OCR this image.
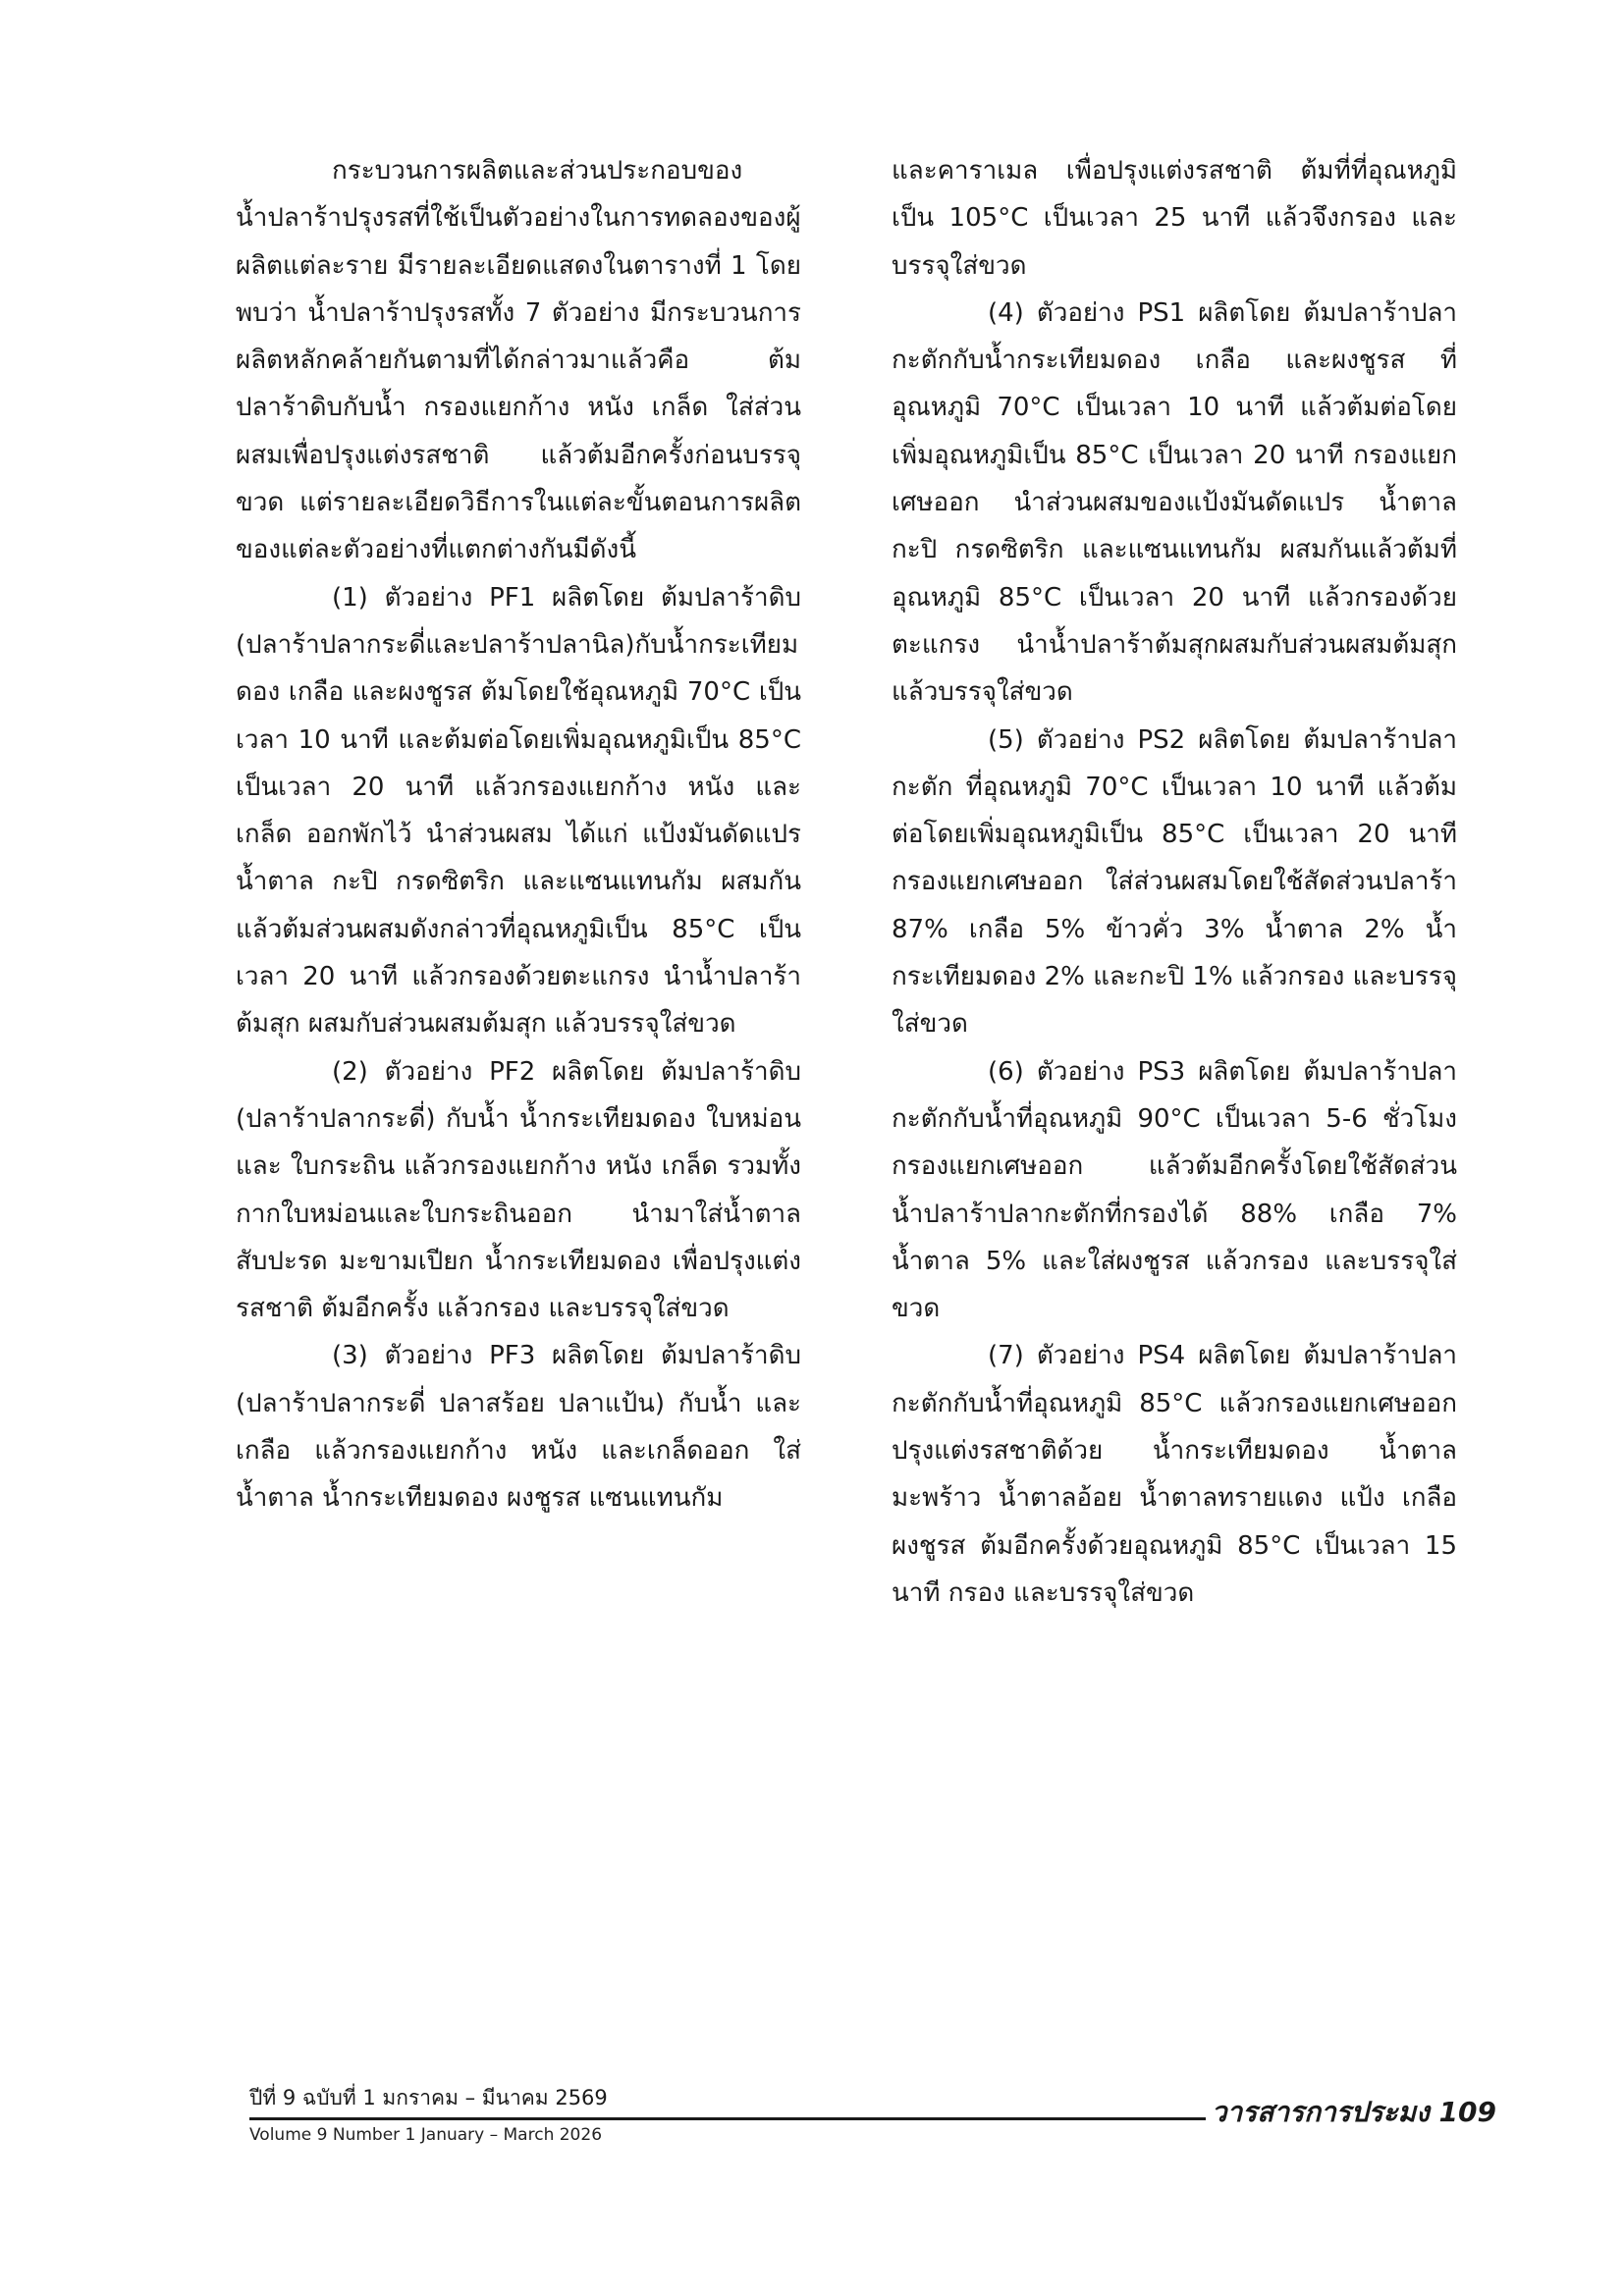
กระบวนการผลิตและส่วนประกอบของน้ำปลาร้าปรุงรสที่ใช้เป็นตัวอย่างในการทดลองของผู้ผลิตแต่ละราย มีรายละเอียดแสดงในตารางที่ 1 โดยพบว่า น้ำปลาร้าปรุงรสทั้ง 7 ตัวอย่าง มีกระบวนการผลิตหลักคล้ายกันตามที่ได้กล่าวมาแล้วคือ ต้มปลาร้าดิบกับน้ำ กรองแยกก้าง หนัง เกล็ด ใส่ส่วนผสมเพื่อปรุงแต่งรสชาติ แล้วต้มอีกครั้งก่อนบรรจุขวด แต่รายละเอียดวิธีการในแต่ละขั้นตอนการผลิตของแต่ละตัวอย่างที่แตกต่างกันมีดังนี้

(1) ตัวอย่าง PF1 ผลิตโดย ต้มปลาร้าดิบ (ปลาร้าปลากระดี่และปลาร้าปลานิล)กับน้ำกระเทียมดอง เกลือ และผงชูรส ต้มโดยใช้อุณหภูมิ 70°C เป็นเวลา 10 นาที และต้มต่อโดยเพิ่มอุณหภูมิเป็น 85°C เป็นเวลา 20 นาที แล้วกรองแยกก้าง หนัง และ เกล็ด ออกพักไว้ นำส่วนผสม ได้แก่ แป้งมันดัดแปร น้ำตาล กะปิ กรดซิตริก และแซนแทนกัม ผสมกัน แล้วต้มส่วนผสมดังกล่าวที่อุณหภูมิเป็น 85°C เป็นเวลา 20 นาที แล้วกรองด้วยตะแกรง นำน้ำปลาร้าต้มสุก ผสมกับส่วนผสมต้มสุก แล้วบรรจุใส่ขวด

(2) ตัวอย่าง PF2 ผลิตโดย ต้มปลาร้าดิบ (ปลาร้าปลากระดี่) กับน้ำ น้ำกระเทียมดอง ใบหม่อน และ ใบกระถิน แล้วกรองแยกก้าง หนัง เกล็ด รวมทั้งกากใบหม่อนและใบกระถินออก นำมาใส่น้ำตาล สับปะรด มะขามเปียก น้ำกระเทียมดอง เพื่อปรุงแต่งรสชาติ ต้มอีกครั้ง แล้วกรอง และบรรจุใส่ขวด

(3) ตัวอย่าง PF3 ผลิตโดย ต้มปลาร้าดิบ (ปลาร้าปลากระดี่ ปลาสร้อย ปลาแป้น) กับน้ำ และเกลือ แล้วกรองแยกก้าง หนัง และเกล็ดออก ใส่น้ำตาล น้ำกระเทียมดอง ผงชูรส แซนแทนกัม

และคาราเมล เพื่อปรุงแต่งรสชาติ ต้มที่ที่อุณหภูมิเป็น 105°C เป็นเวลา 25 นาที แล้วจึงกรอง และบรรจุใส่ขวด

(4) ตัวอย่าง PS1 ผลิตโดย ต้มปลาร้าปลากะตักกับน้ำกระเทียมดอง เกลือ และผงชูรส ที่อุณหภูมิ 70°C เป็นเวลา 10 นาที แล้วต้มต่อโดยเพิ่มอุณหภูมิเป็น 85°C เป็นเวลา 20 นาที กรองแยกเศษออก นำส่วนผสมของแป้งมันดัดแปร น้ำตาล กะปิ กรดซิตริก และแซนแทนกัม ผสมกันแล้วต้มที่อุณหภูมิ 85°C เป็นเวลา 20 นาที แล้วกรองด้วยตะแกรง นำน้ำปลาร้าต้มสุกผสมกับส่วนผสมต้มสุกแล้วบรรจุใส่ขวด

(5) ตัวอย่าง PS2 ผลิตโดย ต้มปลาร้าปลากะตัก ที่อุณหภูมิ 70°C เป็นเวลา 10 นาที แล้วต้มต่อโดยเพิ่มอุณหภูมิเป็น 85°C เป็นเวลา 20 นาที กรองแยกเศษออก ใส่ส่วนผสมโดยใช้สัดส่วนปลาร้า 87% เกลือ 5% ข้าวคั่ว 3% น้ำตาล 2% น้ำกระเทียมดอง 2% และกะปิ 1% แล้วกรอง และบรรจุใส่ขวด

(6) ตัวอย่าง PS3 ผลิตโดย ต้มปลาร้าปลากะตักกับน้ำที่อุณหภูมิ 90°C เป็นเวลา 5-6 ชั่วโมง กรองแยกเศษออก แล้วต้มอีกครั้งโดยใช้สัดส่วนน้ำปลาร้าปลากะตักที่กรองได้ 88% เกลือ 7% น้ำตาล 5% และใส่ผงชูรส แล้วกรอง และบรรจุใส่ขวด

(7) ตัวอย่าง PS4 ผลิตโดย ต้มปลาร้าปลากะตักกับน้ำที่อุณหภูมิ 85°C แล้วกรองแยกเศษออก ปรุงแต่งรสชาติด้วย น้ำกระเทียมดอง น้ำตาลมะพร้าว น้ำตาลอ้อย น้ำตาลทรายแดง แป้ง เกลือ ผงชูรส ต้มอีกครั้งด้วยอุณหภูมิ 85°C เป็นเวลา 15 นาที กรอง และบรรจุใส่ขวด

ปีที่ 9 ฉบับที่ 1 มกราคม – มีนาคม 2569
Volume 9 Number 1 January – March 2026
วารสารการประมง 109
